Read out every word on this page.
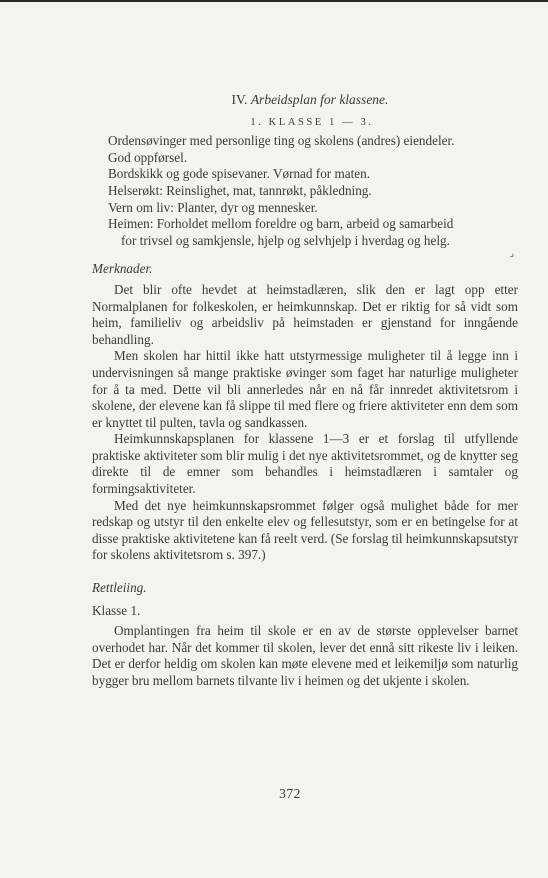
IV. Arbeidsplan for klassene.
1. KLASSE 1 — 3.

Ordensøvinger med personlige ting og skolens (andres) eiendeler.

God oppførsel.

Bordskikk og gode spisevaner. Vørnad for maten.

Helserøkt: Reinslighet, mat, tannrøkt, påkledning.

Vern om liv: Planter, dyr og mennesker.

Heimen: Forholdet mellom foreldre og barn, arbeid og samarbeid

for trivsel og samkjensle, hjelp og selvhjelp i hverdag og helg.

⌟
Merknader.

Det blir ofte hevdet at heimstadlæren, slik den er lagt opp etter Normalplanen for folkeskolen, er heimkunnskap. Det er riktig for så vidt som heim, familieliv og arbeidsliv på heimstaden er gjenstand for inngående behandling.

Men skolen har hittil ikke hatt utstyrmessige muligheter til å legge inn i undervisningen så mange praktiske øvinger som faget har naturlige muligheter for å ta med. Dette vil bli annerledes når en nå får innredet aktivitetsrom i skolene, der elevene kan få slippe til med flere og friere aktiviteter enn dem som er knyttet til pulten, tavla og sandkassen.

Heimkunnskapsplanen for klassene 1—3 er et forslag til utfyllende praktiske aktiviteter som blir mulig i det nye aktivitetsrommet, og de knytter seg direkte til de emner som behandles i heimstadlæren i samtaler og formingsaktiviteter.

Med det nye heimkunnskapsrommet følger også mulighet både for mer redskap og utstyr til den enkelte elev og fellesutstyr, som er en betingelse for at disse praktiske aktivitetene kan få reelt verd. (Se forslag til heimkunnskapsutstyr for skolens aktivitetsrom s. 397.)

Rettleiing.
Klasse 1.

Omplantingen fra heim til skole er en av de største opplevelser barnet overhodet har. Når det kommer til skolen, lever det ennå sitt rikeste liv i leiken. Det er derfor heldig om skolen kan møte elevene med et leikemiljø som naturlig bygger bru mellom barnets tilvante liv i heimen og det ukjente i skolen.

372
